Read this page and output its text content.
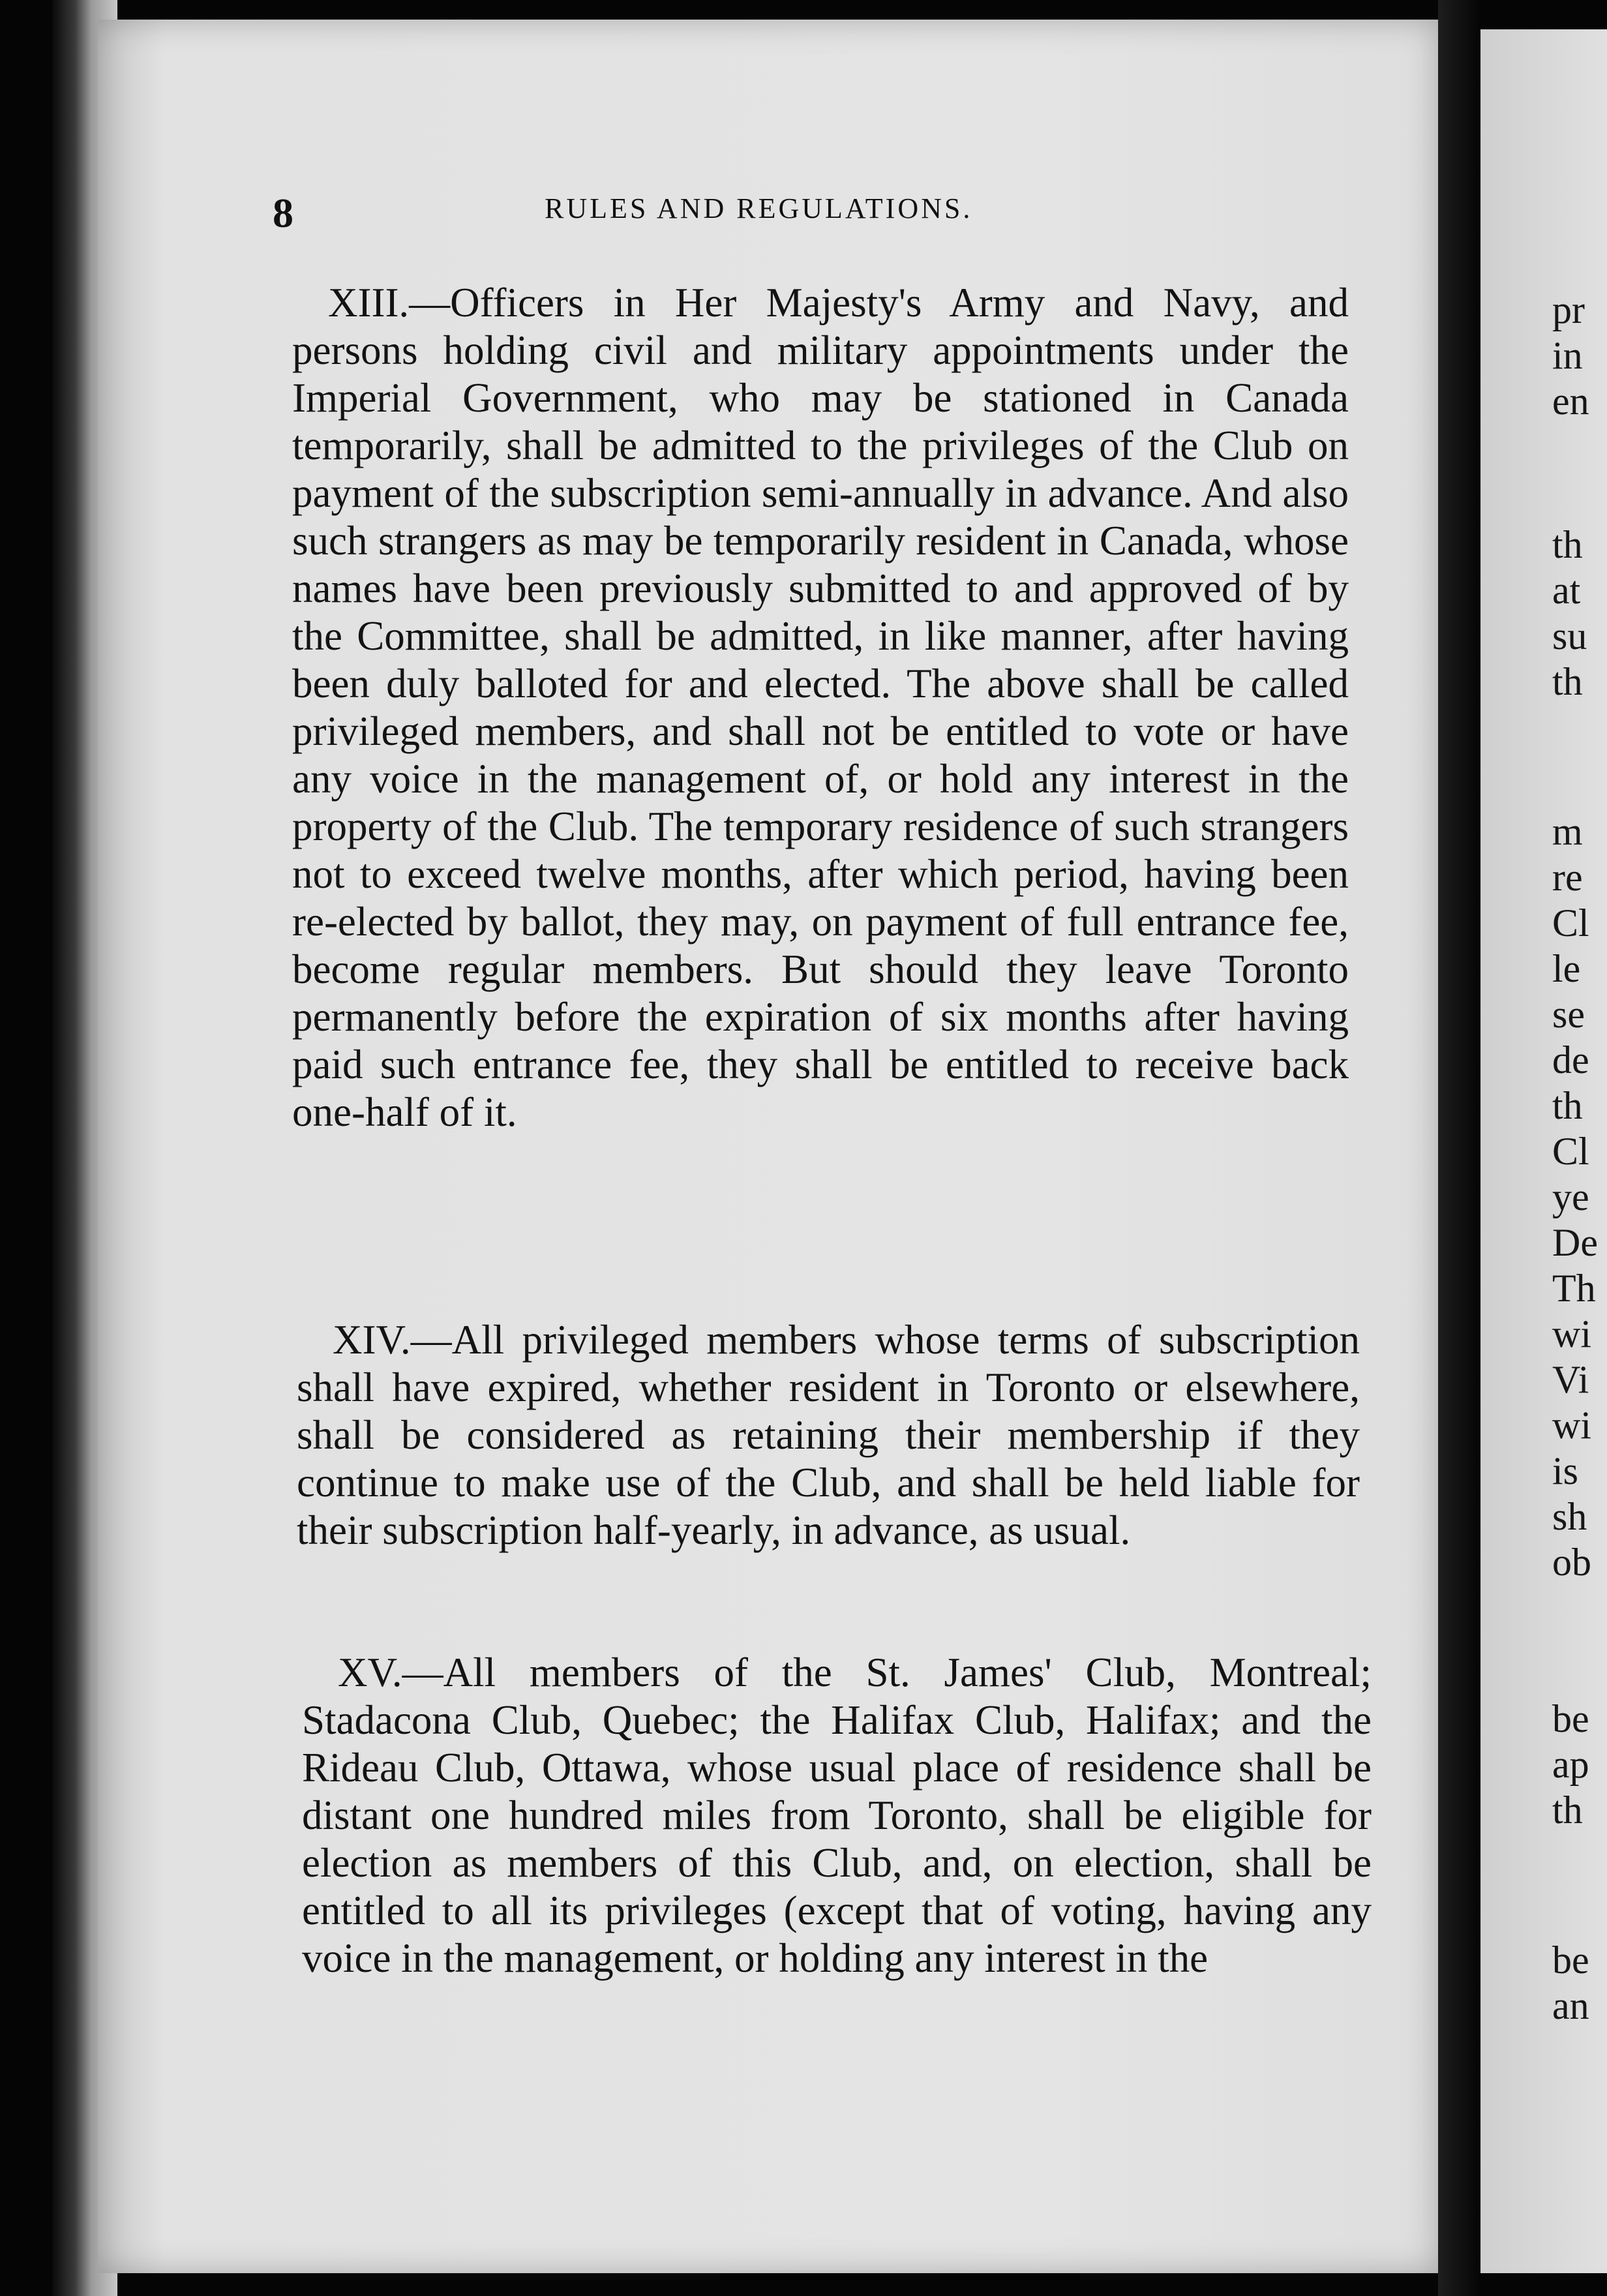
8	RULES AND REGULATIONS.

XIII.—Officers in Her Majesty's Army and Navy, and persons holding civil and military appointments under the Imperial Government, who may be stationed in Canada temporarily, shall be admitted to the privileges of the Club on payment of the subscription semi-annually in advance. And also such strangers as may be temporarily resident in Canada, whose names have been previously submitted to and approved of by the Committee, shall be admitted, in like manner, after having been duly balloted for and elected. The above shall be called privileged members, and shall not be entitled to vote or have any voice in the management of, or hold any interest in the property of the Club. The temporary residence of such strangers not to exceed twelve months, after which period, having been re-elected by ballot, they may, on payment of full entrance fee, become regular members. But should they leave Toronto permanently before the expiration of six months after having paid such entrance fee, they shall be entitled to receive back one-half of it.

XIV.—All privileged members whose terms of subscription shall have expired, whether resident in Toronto or elsewhere, shall be considered as retaining their membership if they continue to make use of the Club, and shall be held liable for their subscription half-yearly, in advance, as usual.

XV.—All members of the St. James' Club, Montreal; Stadacona Club, Quebec; the Halifax Club, Halifax; and the Rideau Club, Ottawa, whose usual place of residence shall be distant one hundred miles from Toronto, shall be eligible for election as members of this Club, and, on election, shall be entitled to all its privileges (except that of voting, having any voice in the management, or holding any interest in the

pr
in
en
th
at
su
th
m
re
Cl
le
se
de
th
Cl
ye
De
Th
wi
Vi
wi
is
sh
ob
be
ap
th
be
an
